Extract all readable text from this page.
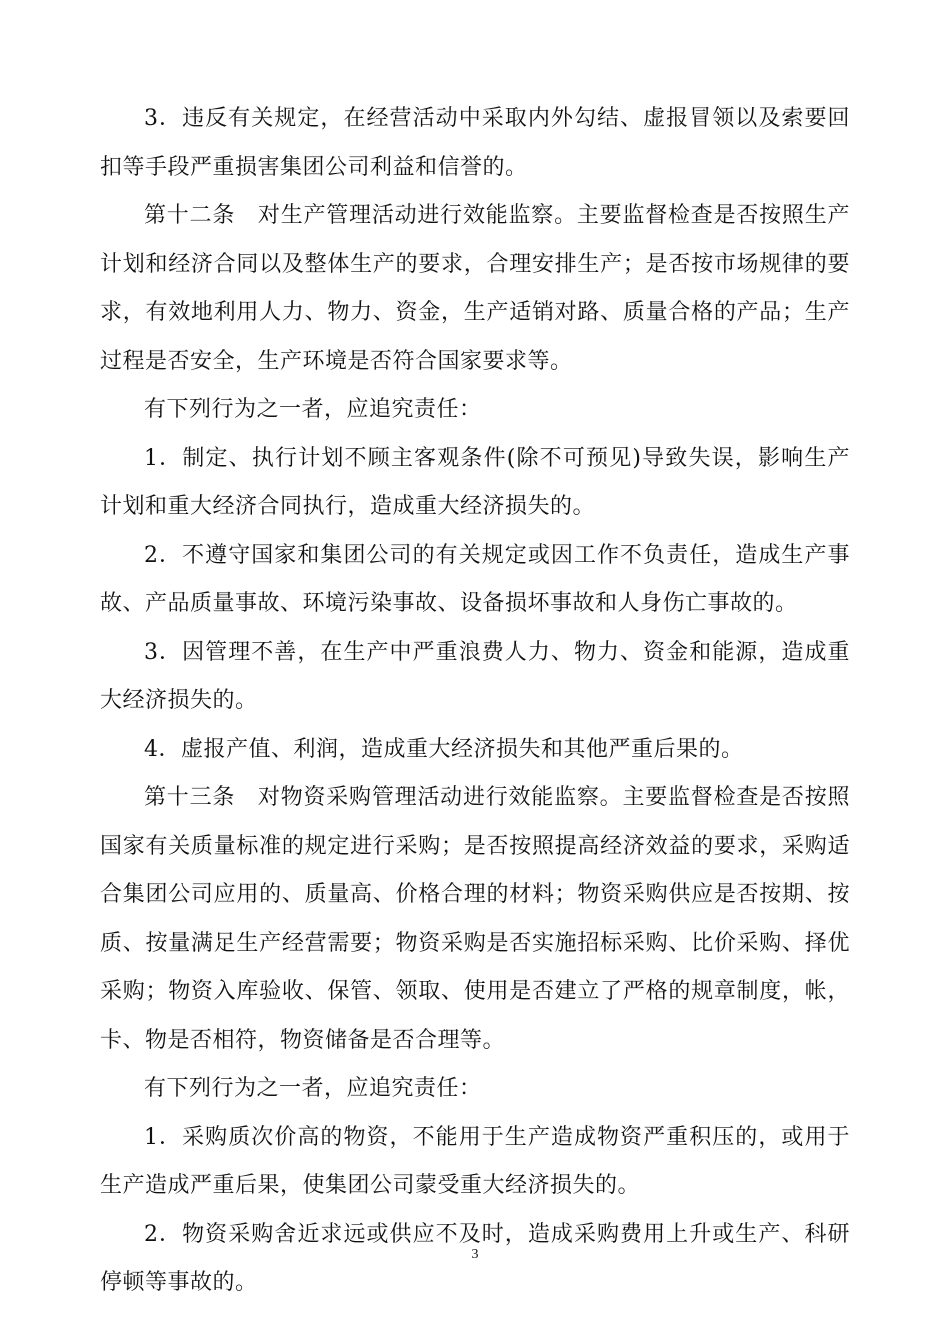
3．违反有关规定，在经营活动中采取内外勾结、虚报冒领以及索要回扣等手段严重损害集团公司利益和信誉的。

第十二条　对生产管理活动进行效能监察。主要监督检查是否按照生产计划和经济合同以及整体生产的要求，合理安排生产；是否按市场规律的要求，有效地利用人力、物力、资金，生产适销对路、质量合格的产品；生产过程是否安全，生产环境是否符合国家要求等。

有下列行为之一者，应追究责任：

1．制定、执行计划不顾主客观条件(除不可预见)导致失误，影响生产计划和重大经济合同执行，造成重大经济损失的。

2．不遵守国家和集团公司的有关规定或因工作不负责任，造成生产事故、产品质量事故、环境污染事故、设备损坏事故和人身伤亡事故的。

3．因管理不善，在生产中严重浪费人力、物力、资金和能源，造成重大经济损失的。

4．虚报产值、利润，造成重大经济损失和其他严重后果的。

第十三条　对物资采购管理活动进行效能监察。主要监督检查是否按照国家有关质量标准的规定进行采购；是否按照提高经济效益的要求，采购适合集团公司应用的、质量高、价格合理的材料；物资采购供应是否按期、按质、按量满足生产经营需要；物资采购是否实施招标采购、比价采购、择优采购；物资入库验收、保管、领取、使用是否建立了严格的规章制度，帐，卡、物是否相符，物资储备是否合理等。

有下列行为之一者，应追究责任：

1．采购质次价高的物资，不能用于生产造成物资严重积压的，或用于生产造成严重后果，使集团公司蒙受重大经济损失的。

2．物资采购舍近求远或供应不及时，造成采购费用上升或生产、科研停顿等事故的。

3
